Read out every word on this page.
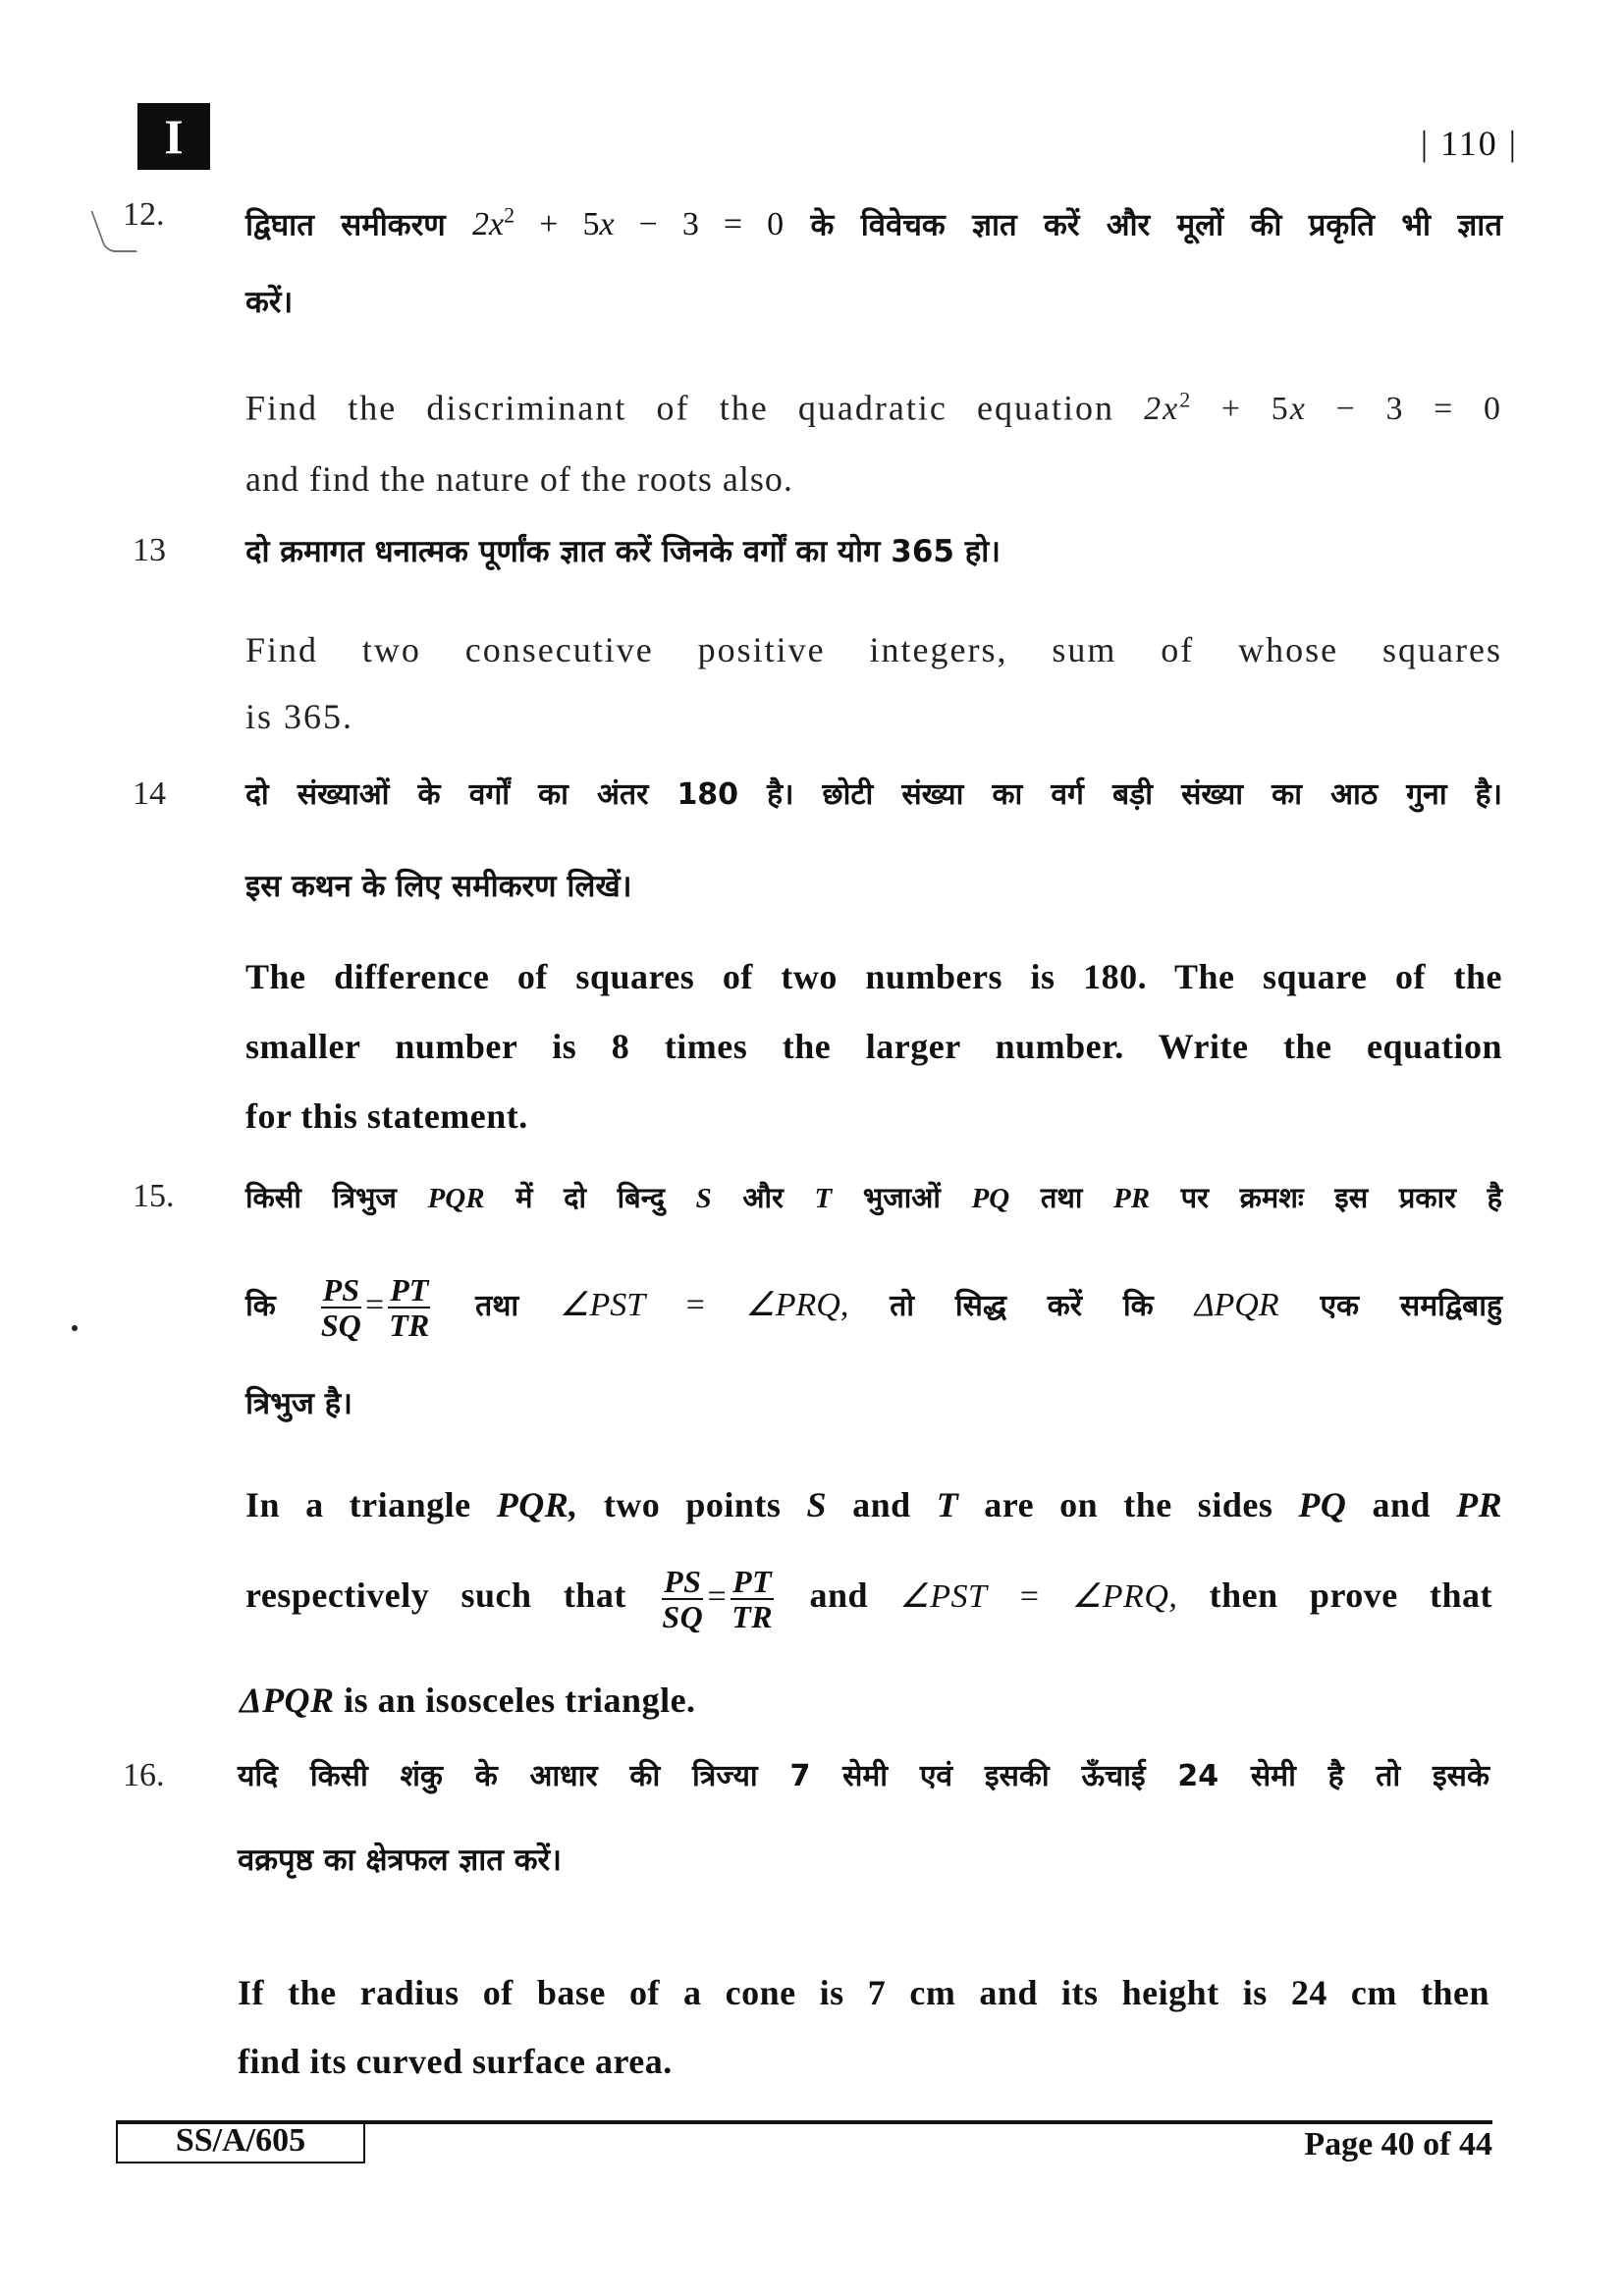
I	| 110 |
12.	द्विघात समीकरण $2x^2 + 5x - 3 = 0$ के विवेचक ज्ञात करें और मूलों की प्रकृति भी ज्ञात
करें।
Find the discriminant of the quadratic equation $2x^2 + 5x - 3 = 0$
and find the nature of the roots also.
13	दो क्रमागत धनात्मक पूर्णांक ज्ञात करें जिनके वर्गों का योग 365 हो।
Find two consecutive positive integers, sum of whose squares
is 365.
14	दो संख्याओं के वर्गों का अंतर 180 है। छोटी संख्या का वर्ग बड़ी संख्या का आठ गुना है।
इस कथन के लिए समीकरण लिखें।
The difference of squares of two numbers is 180. The square of the
smaller number is 8 times the larger number. Write the equation
for this statement.
15.	किसी त्रिभुज PQR में दो बिन्दु S और T भुजाओं PQ तथा PR पर क्रमशः इस प्रकार है
कि $\frac{PS}{SQ} = \frac{PT}{TR}$ तथा ∠PST = ∠PRQ, तो सिद्ध करें कि ΔPQR एक समद्विबाहु
त्रिभुज है।
In a triangle PQR, two points S and T are on the sides PQ and PR
respectively such that $\frac{PS}{SQ} = \frac{PT}{TR}$ and ∠PST = ∠PRQ, then prove that
ΔPQR is an isosceles triangle.
16. यदि किसी शंकु के आधार की त्रिज्या 7 सेमी एवं इसकी ऊँचाई 24 सेमी है तो इसके
वक्रपृष्ठ का क्षेत्रफल ज्ञात करें।
If the radius of base of a cone is 7 cm and its height is 24 cm then
find its curved surface area.
SS/A/605	Page 40 of 44
